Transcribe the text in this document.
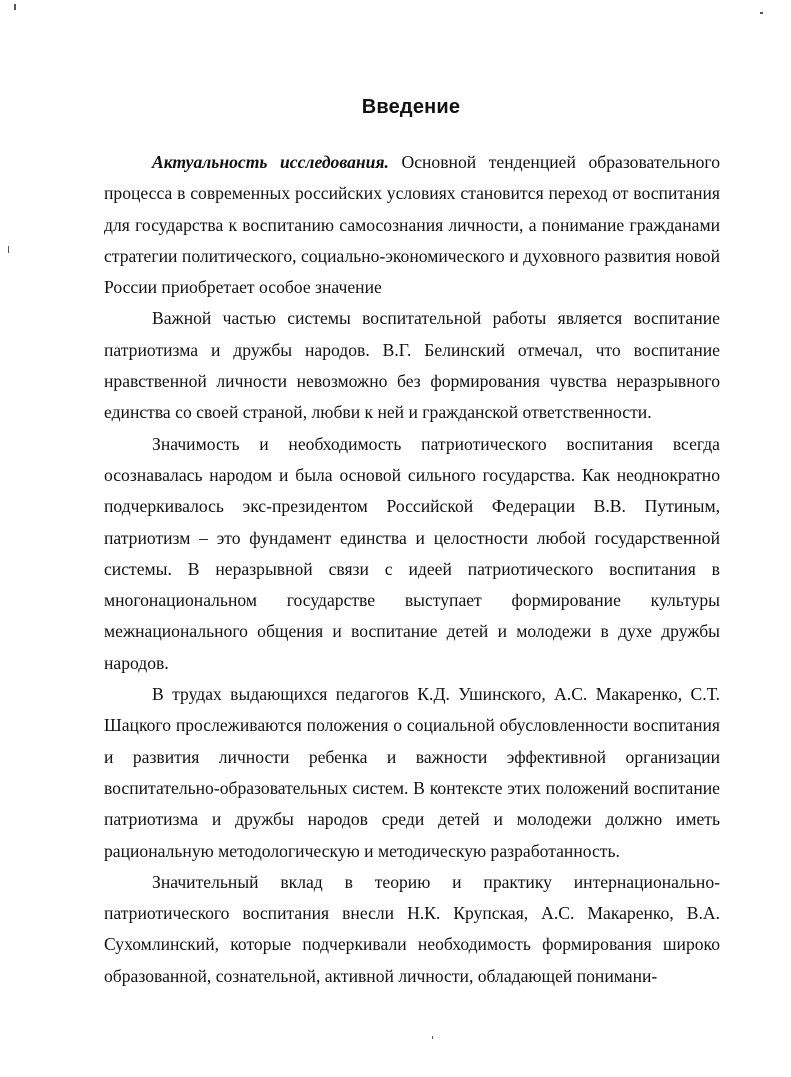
Введение

Актуальность исследования. Основной тенденцией образовательного процесса в современных российских условиях становится переход от воспитания для государства к воспитанию самосознания личности, а понимание гражданами стратегии политического, социально-экономического и духовного развития новой России приобретает особое значение

Важной частью системы воспитательной работы является воспитание патриотизма и дружбы народов. В.Г. Белинский отмечал, что воспитание нравственной личности невозможно без формирования чувства неразрывного единства со своей страной, любви к ней и гражданской ответственности.

Значимость и необходимость патриотического воспитания всегда осознавалась народом и была основой сильного государства. Как неоднократно подчеркивалось экс-президентом Российской Федерации В.В. Путиным, патриотизм – это фундамент единства и целостности любой государственной системы. В неразрывной связи с идеей патриотического воспитания в многонациональном государстве выступает формирование культуры межнационального общения и воспитание детей и молодежи в духе дружбы народов.

В трудах выдающихся педагогов К.Д. Ушинского, А.С. Макаренко, С.Т. Шацкого прослеживаются положения о социальной обусловленности воспитания и развития личности ребенка и важности эффективной организации воспитательно-образовательных систем. В контексте этих положений воспитание патриотизма и дружбы народов среди детей и молодежи должно иметь рациональную методологическую и методическую разработанность.

Значительный вклад в теорию и практику интернационально-патриотического воспитания внесли Н.К. Крупская, А.С. Макаренко, В.А. Сухомлинский, которые подчеркивали необходимость формирования широко образованной, сознательной, активной личности, обладающей понимани-
